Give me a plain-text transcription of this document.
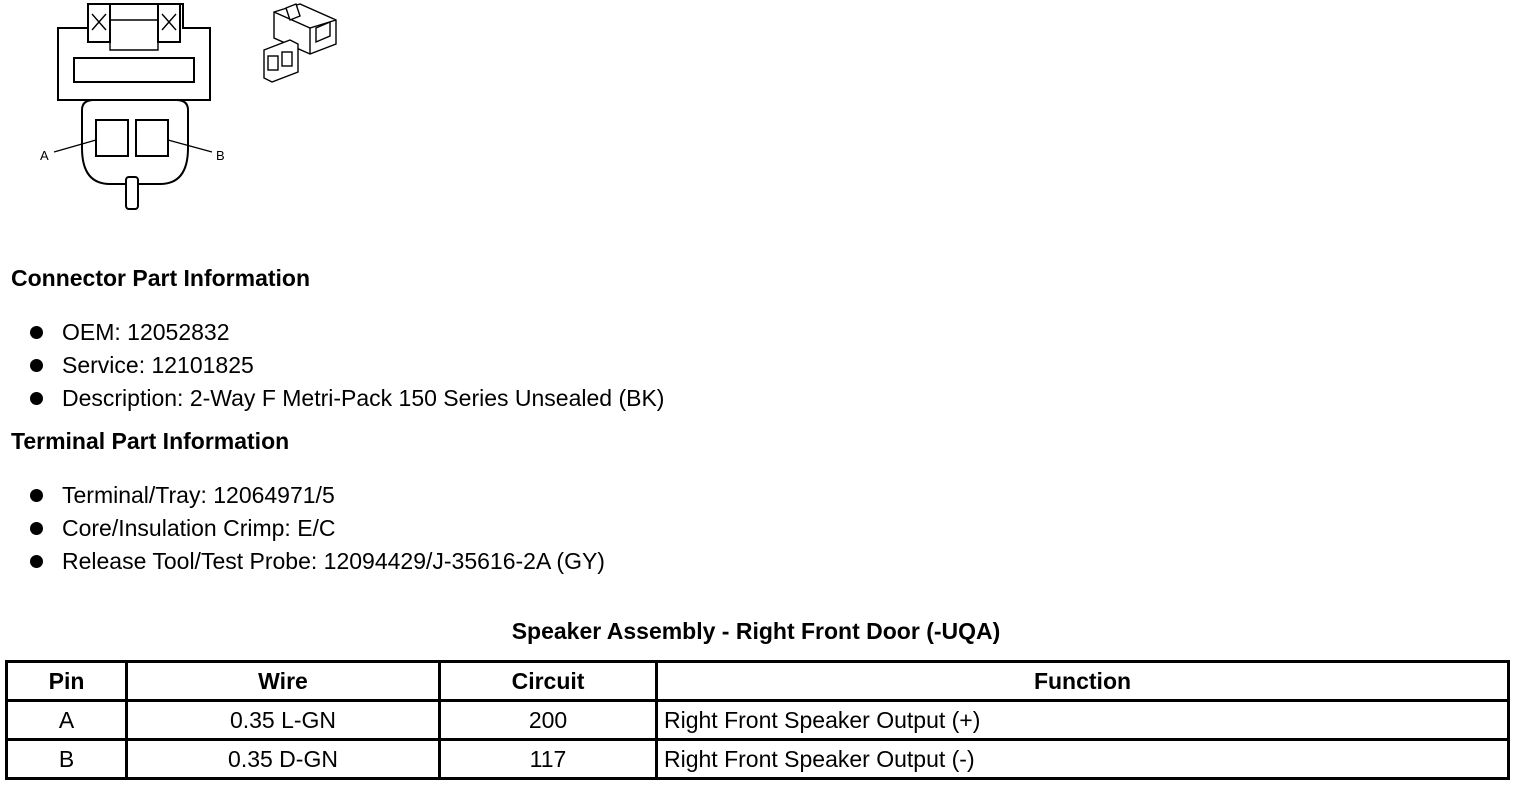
A	B
Connector Part Information
OEM: 12052832
Service: 12101825
Description: 2-Way F Metri-Pack 150 Series Unsealed (BK)
Terminal Part Information
Terminal/Tray: 12064971/5
Core/Insulation Crimp: E/C
Release Tool/Test Probe: 12094429/J-35616-2A (GY)
Speaker Assembly - Right Front Door (-UQA)
Pin	Wire	Circuit	Function
A	0.35 L-GN	200	Right Front Speaker Output (+)
B	0.35 D-GN	117	Right Front Speaker Output (-)
